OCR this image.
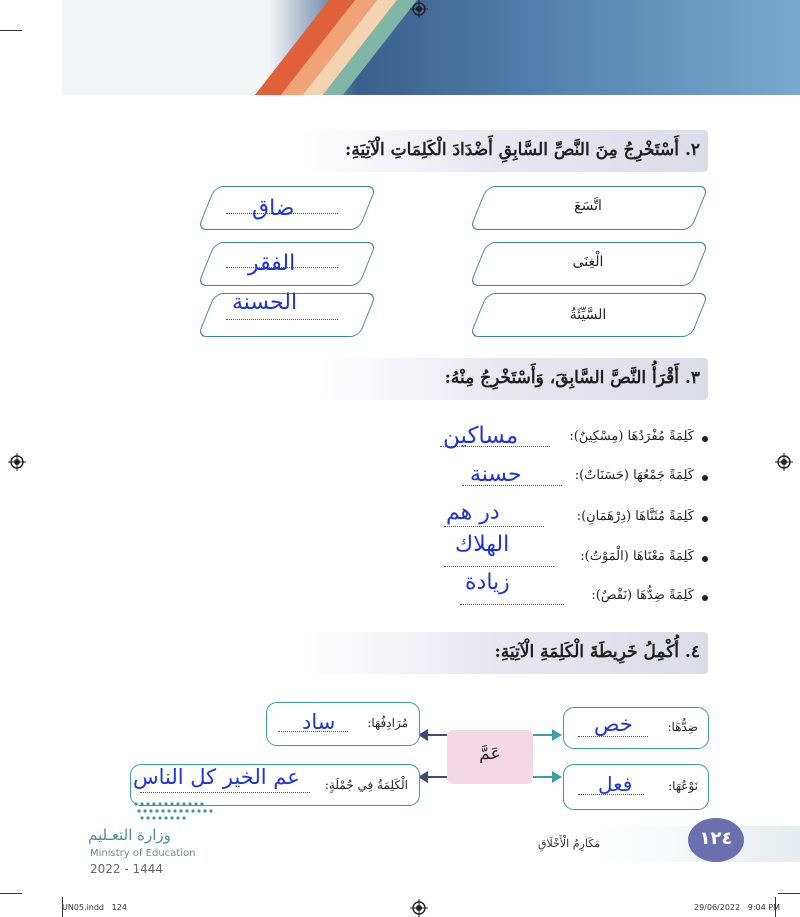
٢. أَسْتَخْرِجُ مِنَ النَّصِّ السَّابِقِ أَضْدَادَ الْكَلِمَاتِ الْآتِيَةِ:
اتَّسَعَ
ضاق
الْغِنَى
الفقر
السَّيِّئَةُ
الحسنة
٣. أَقْرَأُ النَّصَّ السَّابِقَ، وَأَسْتَخْرِجُ مِنْهُ:
كَلِمَةً مُفْرَدُهَا (مِسْكِينٌ):
مساكين
كَلِمَةً جَمْعُهَا (حَسَنَاتٌ):
حسنة
كَلِمَةً مُثَنَّاهَا (دِرْهَمَانِ):
در هم
كَلِمَةً مَعْنَاهَا (الْمَوْتُ):
الهلاك
كَلِمَةً ضِدُّهَا (نَقْصٌ):
زيادة
٤. أُكْمِلُ خَرِيطَةَ الْكَلِمَةِ الْآتِيَةِ:
عَمَّ
ضِدُّهَا:
خص
نَوْعُهَا:
فعل
مُرَادِفُهَا:
ساد
الْكَلِمَةُ فِي جُمْلَةٍ:
عم الخير كل الناس
وزارة التعـليم
Ministry of Education
2022 - 1444
مَكَارِمُ الْأَخْلَاقِ	١٢٤
UN05.indd   124	29/06/2022   9:04 PM
